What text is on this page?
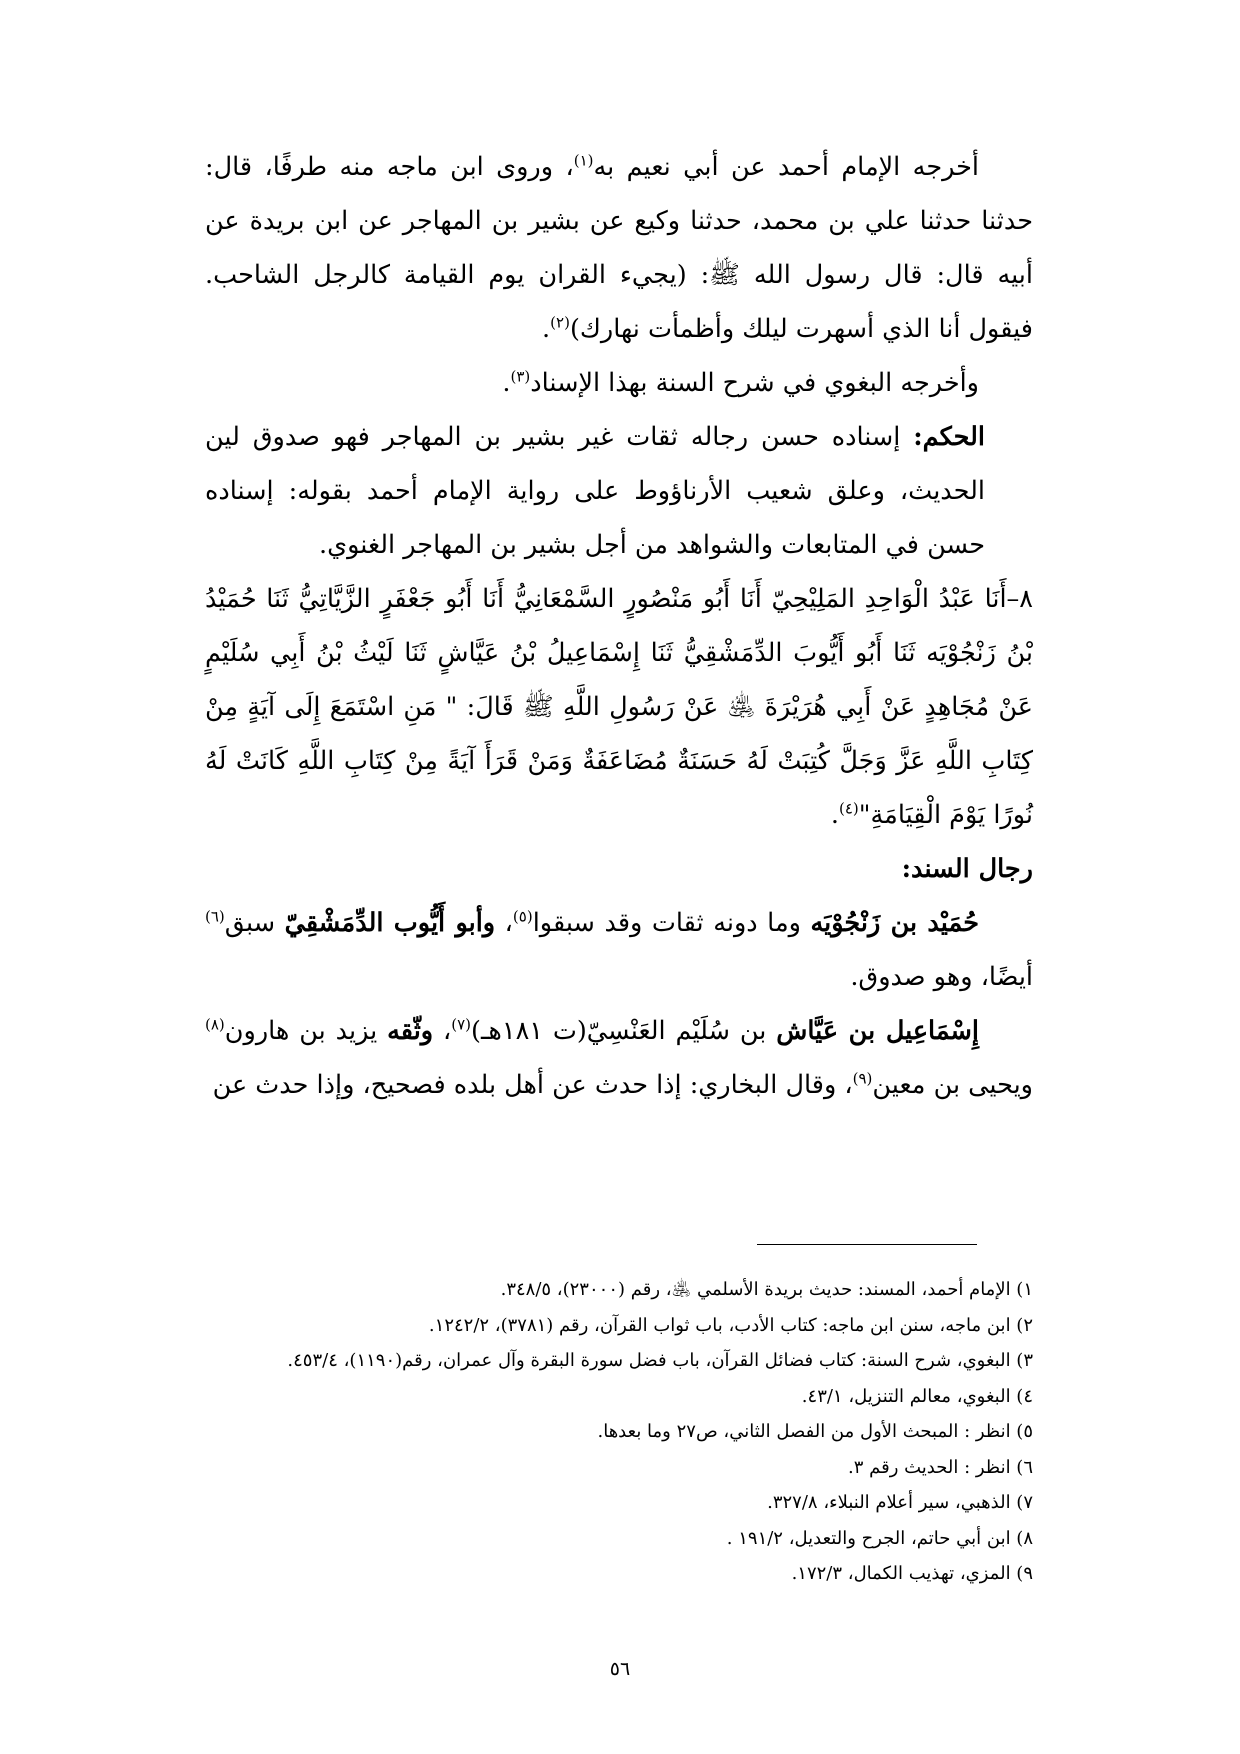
أخرجه الإمام أحمد عن أبي نعيم به$^{(١)}$، وروى ابن ماجه منه طرفًا، قال: حدثنا حدثنا علي بن محمد، حدثنا وكيع عن بشير بن المهاجر عن ابن بريدة عن أبيه قال: قال رسول الله ﷺ: (يجيء القران يوم القيامة كالرجل الشاحب. فيقول أنا الذي أسهرت ليلك وأظمأت نهارك)$^{(٢)}$.

وأخرجه البغوي في شرح السنة بهذا الإسناد$^{(٣)}$.

الحكم: إسناده حسن رجاله ثقات غير بشير بن المهاجر فهو صدوق لين الحديث، وعلق شعيب الأرناؤوط على رواية الإمام أحمد بقوله: إسناده حسن في المتابعات والشواهد من أجل بشير بن المهاجر الغنوي.

٨–أَنَا عَبْدُ الْوَاحِدِ المَلِيْحِيّ أَنَا أَبُو مَنْصُورٍ السَّمْعَانِيُّ أَنَا أَبُو جَعْفَرٍ الزَّيَّاتِيُّ ثَنَا حُمَيْدُ بْنُ زَنْجُوْيَه ثَنَا أَبُو أَيُّوبَ الدِّمَشْقِيُّ ثَنَا إِسْمَاعِيلُ بْنُ عَيَّاشٍ ثَنَا لَيْثُ بْنُ أَبِي سُلَيْمٍ عَنْ مُجَاهِدٍ عَنْ أَبِي هُرَيْرَةَ ﵁ عَنْ رَسُولِ اللَّهِ ﷺ قَالَ: " مَنِ اسْتَمَعَ إِلَى آيَةٍ مِنْ كِتَابِ اللَّهِ عَزَّ وَجَلَّ كُتِبَتْ لَهُ حَسَنَةٌ مُضَاعَفَةٌ وَمَنْ قَرَأَ آيَةً مِنْ كِتَابِ اللَّهِ كَانَتْ لَهُ نُورًا يَوْمَ الْقِيَامَةِ"$^{(٤)}$.

رجال السند:

حُمَيْد بن زَنْجُوْيَه وما دونه ثقات وقد سبقوا$^{(٥)}$، وأبو أَيُّوب الدِّمَشْقِيّ سبق$^{(٦)}$ أيضًا، وهو صدوق.

إِسْمَاعِيل بن عَيَّاش بن سُلَيْم العَنْسِيّ(ت ١٨١هـ)$^{(٧)}$، وثّقه يزيد بن هارون$^{(٨)}$ ويحيى بن معين$^{(٩)}$، وقال البخاري: إذا حدث عن أهل بلده فصحيح، وإذا حدث عن

١) الإمام أحمد، المسند: حديث بريدة الأسلمي ﵁، رقم (٢٣٠٠٠)، ٣٤٨/٥.
٢) ابن ماجه، سنن ابن ماجه: كتاب الأدب، باب ثواب القرآن، رقم (٣٧٨١)، ١٢٤٢/٢.
٣) البغوي، شرح السنة: كتاب فضائل القرآن، باب فضل سورة البقرة وآل عمران، رقم(١١٩٠)، ٤٥٣/٤.
٤) البغوي، معالم التنزيل، ٤٣/١.
٥) انظر : المبحث الأول من الفصل الثاني، ص٢٧ وما بعدها.
٦) انظر : الحديث رقم ٣.
٧) الذهبي، سير أعلام النبلاء، ٣٢٧/٨.
٨) ابن أبي حاتم، الجرح والتعديل، ١٩١/٢ .
٩) المزي، تهذيب الكمال، ١٧٢/٣.
٥٦
